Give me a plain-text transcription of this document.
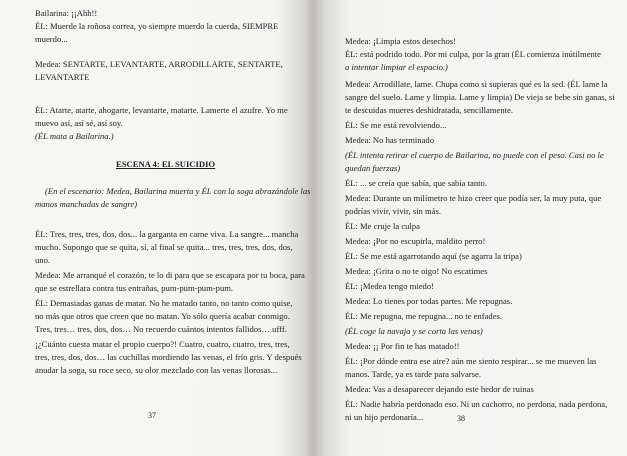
Bailarina: ¡¡Ahh!!
ÉL: Muerde la roñosa correa, yo siempre muerdo la cuerda, SIEMPRE
muerdo...
Medea: SENTARTE, LEVANTARTE, ARRODILLARTE, SENTARTE,
LEVANTARTE
ÉL: Atarte, atarte, ahogarte, levantarte, matarte. Lamerte el azufre. Yo me
muevo así, así sé, así soy.
(ÉL mata a Bailarina.)
ESCENA 4: EL SUICIDIO
(En el escenario: Medea, Bailarina muerta y ÉL con la soga abrazándole las
manos manchadas de sangre)
ÉL: Tres, tres, tres, dos, dos... la garganta en carne viva. La sangre... mancha
mucho. Supongo que se quita, sí, al final se quita... tres, tres, tres, dos, dos,
uno.
Medea: Me arranqué el corazón, te lo di para que se escapara por tu boca, para
que se estrellara contra tus entrañas, pum-pum-pum-pum.
ÉL: Demasiadas ganas de matar. No he matado tanto, no tanto como quise,
no más que otros que creen que no matan. Yo sólo quería acabar conmigo.
Tres, tres… tres, dos, dos… No recuerdo cuántos intentos fallidos… ufff.
¡¿Cuánto cuesta matar el propio cuerpo?! Cuatro, cuatro, cuatro, tres, tres,
tres, tres, dos, dos… las cuchillas mordiendo las venas, el frío gris. Y después
anudar la soga, su roce seco, su olor mezclado con las venas llorosas...
37
Medea: ¡Limpia estos desechos!
ÉL: está podrido todo. Por mi culpa, por la gran (ÉL comienza inútilmente
a intentar limpiar el espacio.)
Medea: Arrodíllate, lame. Chupa como si supieras qué es la sed. (ÉL lame la
sangre del suelo. Lame y limpia. Lame y limpia) De vieja se bebe sin ganas, si
te descuidas mueres deshidratada, sencillamente.
ÉL: Se me está revolviendo...
Medea: No has terminado
(ÉL intenta retirar el cuerpo de Bailarina, no puede con el peso. Casi no le
quedan fuerzas)
ÉL: ... se creía que sabía, que sabía tanto.
Medea: Durante un milímetro te hizo creer que podía ser, la muy puta, que
podrías vivir, vivir, sin más.
ÉL: Me cruje la culpa
Medea: ¡Por no escupirla, maldito perro!
ÉL: Se me está agarrotando aquí (se agarra la tripa)
Medea: ¡Grita o no te oigo! No escatimes
ÉL: ¡Medea tengo miedo!
Medea: Lo tienes por todas partes. Me repugnas.
ÉL: Me repugna, me repugna... no te enfades.
(ÉL coge la navaja y se corta las venas)
Medea: ¡¡ Por fin te has matado!!
ÉL: ¡Por dónde entra ese aire? aún me siento respirar... se me mueven las
manos. Tarde, ya es tarde para salvarse.
Medea: Vas a desaparecer dejando este hedor de ruinas
ÉL: Nadie habría perdonado eso. Ni un cachorro, no perdona, nada perdona,
ni un hijo perdonaría...	38
